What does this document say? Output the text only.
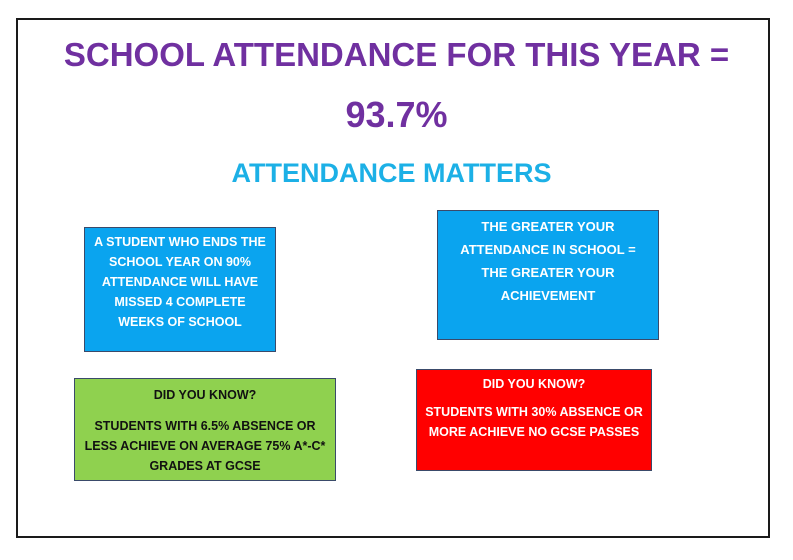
SCHOOL ATTENDANCE FOR THIS YEAR =
93.7%
ATTENDANCE MATTERS
A STUDENT WHO ENDS THE
SCHOOL YEAR ON 90%
ATTENDANCE WILL HAVE
MISSED 4 COMPLETE
WEEKS OF SCHOOL
THE GREATER YOUR
ATTENDANCE IN SCHOOL =
THE GREATER YOUR
ACHIEVEMENT
DID YOU KNOW?
STUDENTS WITH 6.5% ABSENCE OR
LESS ACHIEVE ON AVERAGE 75% A*-C*
GRADES AT GCSE
DID YOU KNOW?
STUDENTS WITH 30% ABSENCE OR
MORE ACHIEVE NO GCSE PASSES
